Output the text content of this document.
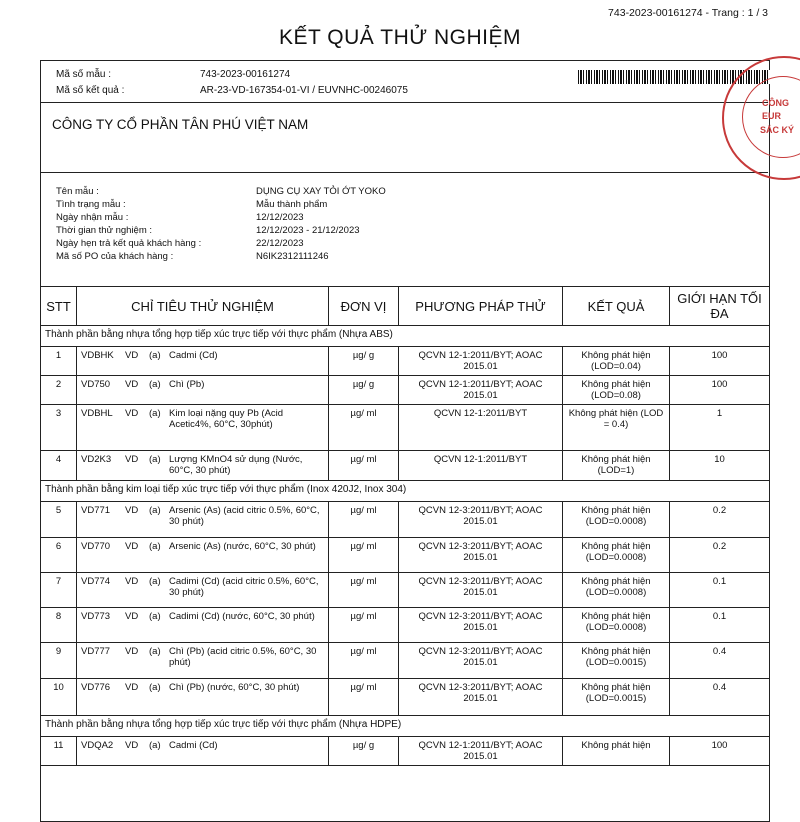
743-2023-00161274 - Trang : 1 / 3
KẾT QUẢ THỬ NGHIỆM
Mã số mẫu :	743-2023-00161274
Mã số kết quả :	AR-23-VD-167354-01-VI / EUVNHC-00246075
CÔNG TY CỔ PHẦN TÂN PHÚ VIỆT NAM
CÔNG
EUR
SẮC KÝ
Tên mẫu :	DỤNG CỤ XAY TỎI ỚT YOKO
Tình trạng mẫu :	Mẫu thành phẩm
Ngày nhận mẫu :	12/12/2023
Thời gian thử nghiệm :	12/12/2023 - 21/12/2023
Ngày hẹn trả kết quả khách hàng :	22/12/2023
Mã số PO của khách hàng :	N6IK2312111246
STT	CHỈ TIÊU THỬ NGHIỆM	ĐƠN VỊ	PHƯƠNG PHÁP THỬ	KẾT QUẢ	GIỚI HẠN TỐI ĐA
Thành phần bằng nhựa tổng hợp tiếp xúc trực tiếp với thực phẩm (Nhựa ABS)					
1	VDBHK VD (a) Cadmi (Cd)	µg/ g	QCVN 12-1:2011/BYT; AOAC 2015.01	Không phát hiện (LOD=0.04)	100
2	VD750 VD (a) Chì (Pb)	µg/ g	QCVN 12-1:2011/BYT; AOAC 2015.01	Không phát hiện (LOD=0.08)	100
3	VDBHL VD (a) Kim loại nặng quy Pb (Acid Acetic4%, 60°C, 30phút)	µg/ ml	QCVN 12-1:2011/BYT	Không phát hiện (LOD = 0.4)	1
4	VD2K3 VD (a) Lượng KMnO4 sử dụng (Nước, 60°C, 30 phút)	µg/ ml	QCVN 12-1:2011/BYT	Không phát hiện (LOD=1)	10
Thành phần bằng kim loại tiếp xúc trực tiếp với thực phẩm (Inox 420J2, Inox 304)					
5	VD771 VD (a) Arsenic (As) (acid citric 0.5%, 60°C, 30 phút)	µg/ ml	QCVN 12-3:2011/BYT; AOAC 2015.01	Không phát hiện (LOD=0.0008)	0.2
6	VD770 VD (a) Arsenic (As) (nước, 60°C, 30 phút)	µg/ ml	QCVN 12-3:2011/BYT; AOAC 2015.01	Không phát hiện (LOD=0.0008)	0.2
7	VD774 VD (a) Cadimi (Cd) (acid citric 0.5%, 60°C, 30 phút)	µg/ ml	QCVN 12-3:2011/BYT; AOAC 2015.01	Không phát hiện (LOD=0.0008)	0.1
8	VD773 VD (a) Cadimi (Cd) (nước, 60°C, 30 phút)	µg/ ml	QCVN 12-3:2011/BYT; AOAC 2015.01	Không phát hiện (LOD=0.0008)	0.1
9	VD777 VD (a) Chì (Pb) (acid citric 0.5%, 60°C, 30 phút)	µg/ ml	QCVN 12-3:2011/BYT; AOAC 2015.01	Không phát hiện (LOD=0.0015)	0.4
10	VD776 VD (a) Chì (Pb) (nước, 60°C, 30 phút)	µg/ ml	QCVN 12-3:2011/BYT; AOAC 2015.01	Không phát hiện (LOD=0.0015)	0.4
Thành phần bằng nhựa tổng hợp tiếp xúc trực tiếp với thực phẩm (Nhựa HDPE)					
11	VDQA2 VD (a) Cadmi (Cd)	µg/ g	QCVN 12-1:2011/BYT; AOAC 2015.01	Không phát hiện	100
